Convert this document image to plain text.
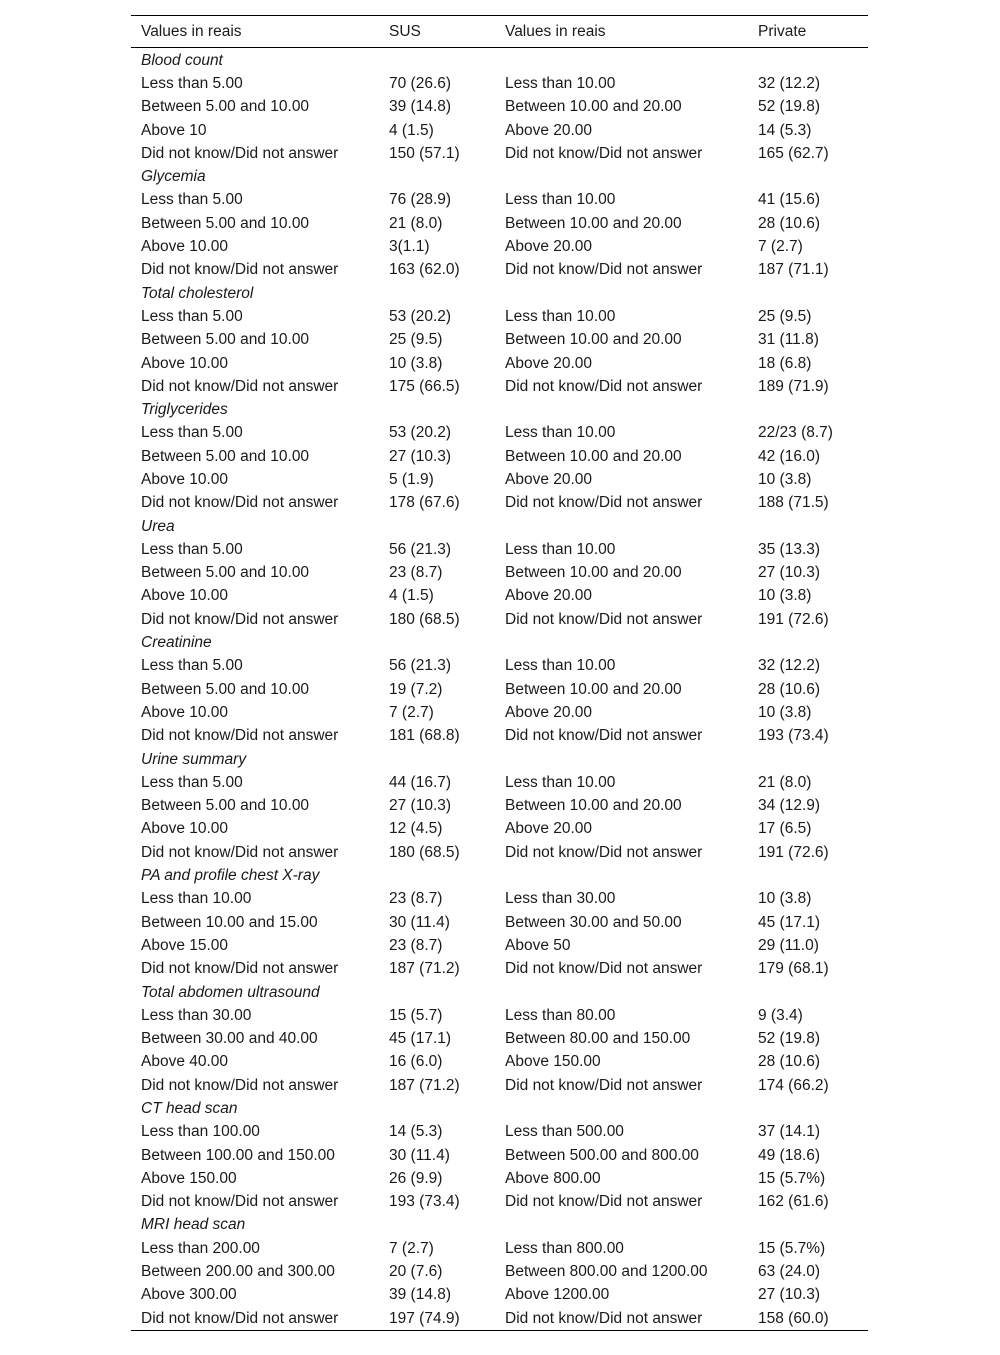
Values in reais	SUS	Values in reais	Private
Blood count			
Less than 5.00	70 (26.6)	Less than 10.00	32 (12.2)
Between 5.00 and 10.00	39 (14.8)	Between 10.00 and 20.00	52 (19.8)
Above 10	4 (1.5)	Above 20.00	14 (5.3)
Did not know/Did not answer	150 (57.1)	Did not know/Did not answer	165 (62.7)
Glycemia			
Less than 5.00	76 (28.9)	Less than 10.00	41 (15.6)
Between 5.00 and 10.00	21 (8.0)	Between 10.00 and 20.00	28 (10.6)
Above 10.00	3(1.1)	Above 20.00	7 (2.7)
Did not know/Did not answer	163 (62.0)	Did not know/Did not answer	187 (71.1)
Total cholesterol			
Less than 5.00	53 (20.2)	Less than 10.00	25 (9.5)
Between 5.00 and 10.00	25 (9.5)	Between 10.00 and 20.00	31 (11.8)
Above 10.00	10 (3.8)	Above 20.00	18 (6.8)
Did not know/Did not answer	175 (66.5)	Did not know/Did not answer	189 (71.9)
Triglycerides			
Less than 5.00	53 (20.2)	Less than 10.00	22/23 (8.7)
Between 5.00 and 10.00	27 (10.3)	Between 10.00 and 20.00	42 (16.0)
Above 10.00	5 (1.9)	Above 20.00	10 (3.8)
Did not know/Did not answer	178 (67.6)	Did not know/Did not answer	188 (71.5)
Urea			
Less than 5.00	56 (21.3)	Less than 10.00	35 (13.3)
Between 5.00 and 10.00	23 (8.7)	Between 10.00 and 20.00	27 (10.3)
Above 10.00	4 (1.5)	Above 20.00	10 (3.8)
Did not know/Did not answer	180 (68.5)	Did not know/Did not answer	191 (72.6)
Creatinine			
Less than 5.00	56 (21.3)	Less than 10.00	32 (12.2)
Between 5.00 and 10.00	19 (7.2)	Between 10.00 and 20.00	28 (10.6)
Above 10.00	7 (2.7)	Above 20.00	10 (3.8)
Did not know/Did not answer	181 (68.8)	Did not know/Did not answer	193 (73.4)
Urine summary			
Less than 5.00	44 (16.7)	Less than 10.00	21 (8.0)
Between 5.00 and 10.00	27 (10.3)	Between 10.00 and 20.00	34 (12.9)
Above 10.00	12 (4.5)	Above 20.00	17 (6.5)
Did not know/Did not answer	180 (68.5)	Did not know/Did not answer	191 (72.6)
PA and profile chest X-ray			
Less than 10.00	23 (8.7)	Less than 30.00	10 (3.8)
Between 10.00 and 15.00	30 (11.4)	Between 30.00 and 50.00	45 (17.1)
Above 15.00	23 (8.7)	Above 50	29 (11.0)
Did not know/Did not answer	187 (71.2)	Did not know/Did not answer	179 (68.1)
Total abdomen ultrasound			
Less than 30.00	15 (5.7)	Less than 80.00	9 (3.4)
Between 30.00 and 40.00	45 (17.1)	Between 80.00 and 150.00	52 (19.8)
Above 40.00	16 (6.0)	Above 150.00	28 (10.6)
Did not know/Did not answer	187 (71.2)	Did not know/Did not answer	174 (66.2)
CT head scan			
Less than 100.00	14 (5.3)	Less than 500.00	37 (14.1)
Between 100.00 and 150.00	30 (11.4)	Between 500.00 and 800.00	49 (18.6)
Above 150.00	26 (9.9)	Above 800.00	15 (5.7%)
Did not know/Did not answer	193 (73.4)	Did not know/Did not answer	162 (61.6)
MRI head scan			
Less than 200.00	7 (2.7)	Less than 800.00	15 (5.7%)
Between 200.00 and 300.00	20 (7.6)	Between 800.00 and 1200.00	63 (24.0)
Above 300.00	39 (14.8)	Above 1200.00	27 (10.3)
Did not know/Did not answer	197 (74.9)	Did not know/Did not answer	158 (60.0)
